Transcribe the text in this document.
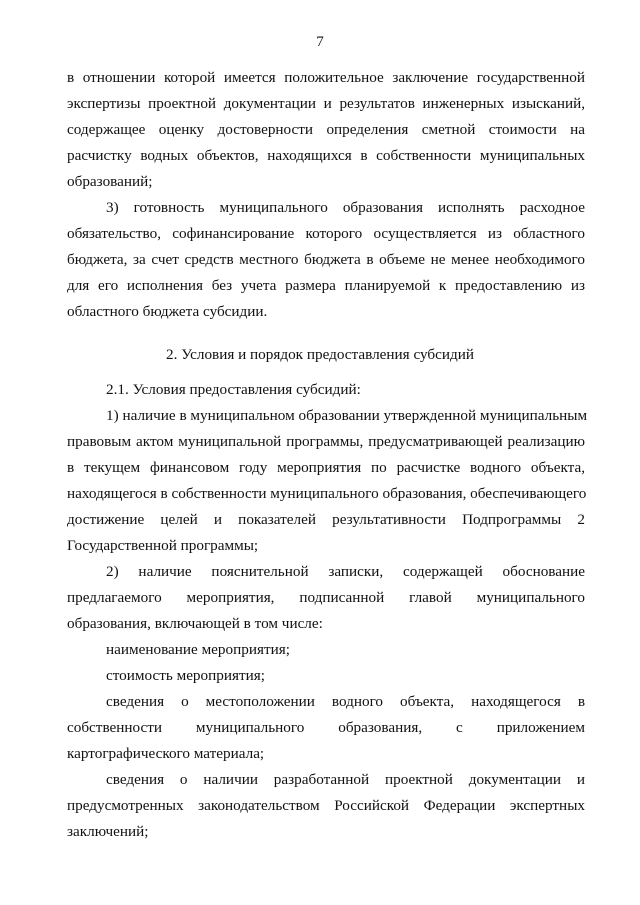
7
в отношении которой имеется положительное заключение государственной
экспертизы проектной документации и результатов инженерных изысканий,
содержащее оценку достоверности определения сметной стоимости на
расчистку водных объектов, находящихся в собственности муниципальных
образований;
3) готовность муниципального образования исполнять расходное
обязательство, софинансирование которого осуществляется из областного
бюджета, за счет средств местного бюджета в объеме не менее необходимого
для его исполнения без учета размера планируемой к предоставлению из
областного бюджета субсидии.
2. Условия и порядок предоставления субсидий
2.1. Условия предоставления субсидий:
1) наличие в муниципальном образовании утвержденной муниципальным
правовым актом муниципальной программы, предусматривающей реализацию
в текущем финансовом году мероприятия по расчистке водного объекта,
находящегося в собственности муниципального образования, обеспечивающего
достижение целей и показателей результативности Подпрограммы 2
Государственной программы;
2) наличие пояснительной записки, содержащей обоснование
предлагаемого мероприятия, подписанной главой муниципального
образования, включающей в том числе:
наименование мероприятия;
стоимость мероприятия;
сведения о местоположении водного объекта, находящегося в
собственности муниципального образования, с приложением
картографического материала;
сведения о наличии разработанной проектной документации и
предусмотренных законодательством Российской Федерации экспертных
заключений;
